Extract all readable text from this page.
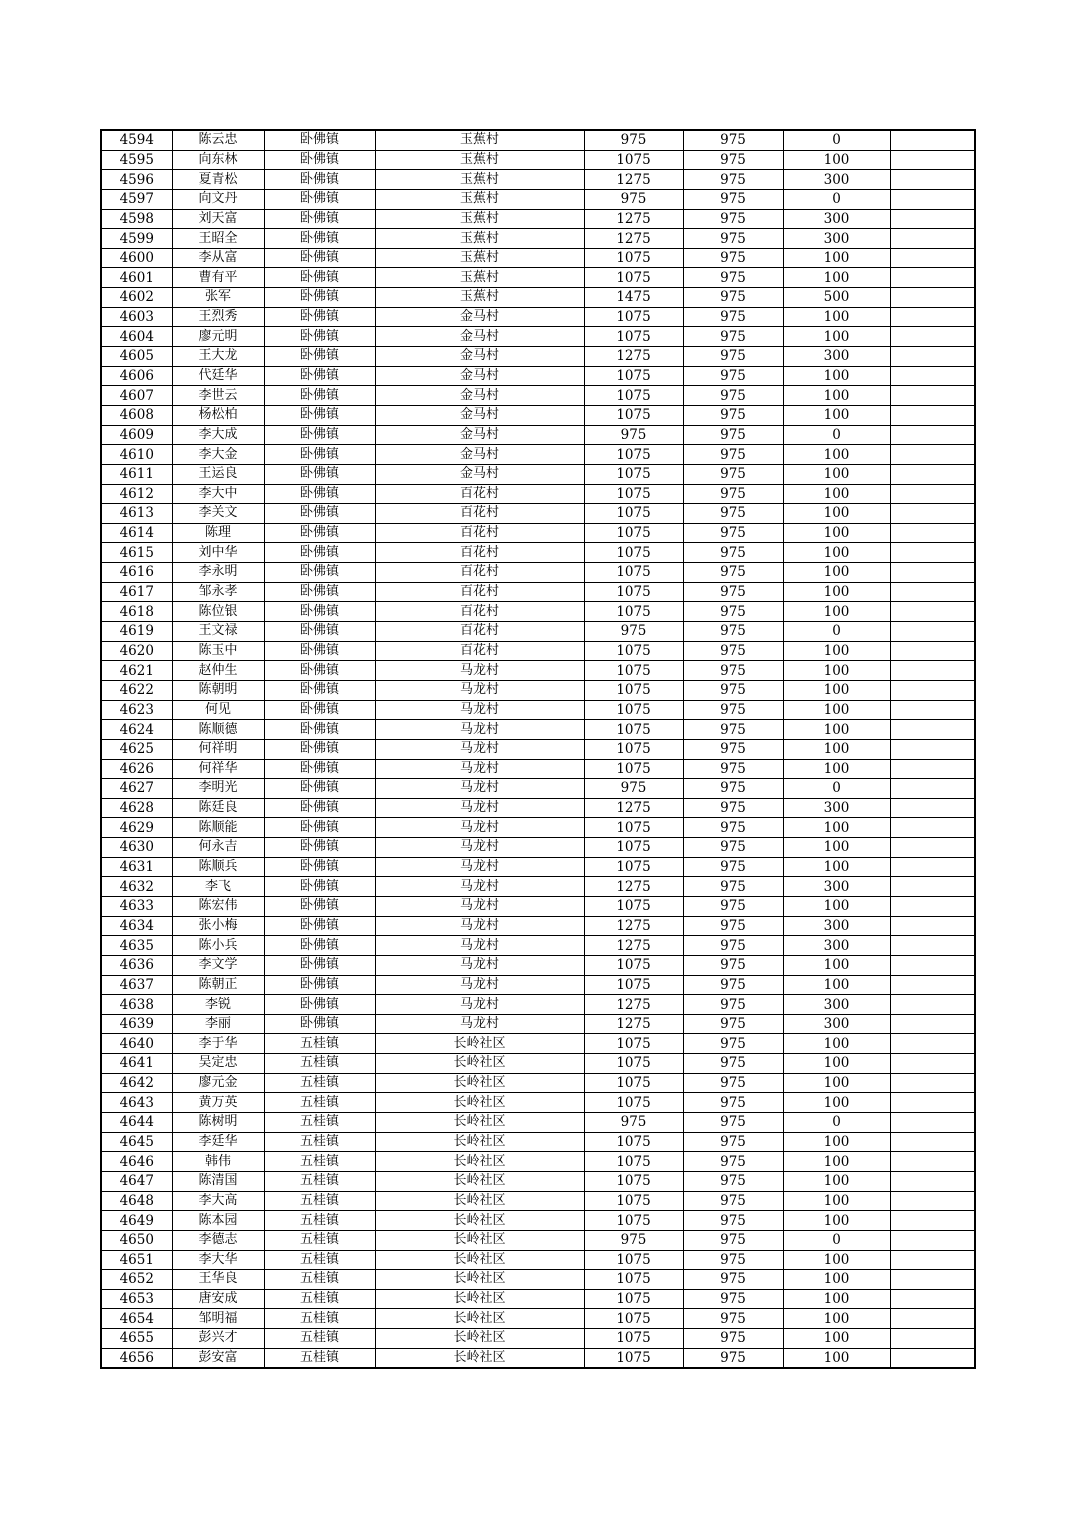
4594	陈云忠	卧佛镇	玉蕉村	975	975	0	
4595	向东林	卧佛镇	玉蕉村	1075	975	100	
4596	夏青松	卧佛镇	玉蕉村	1275	975	300	
4597	向文丹	卧佛镇	玉蕉村	975	975	0	
4598	刘天富	卧佛镇	玉蕉村	1275	975	300	
4599	王昭全	卧佛镇	玉蕉村	1275	975	300	
4600	李从富	卧佛镇	玉蕉村	1075	975	100	
4601	曹有平	卧佛镇	玉蕉村	1075	975	100	
4602	张军	卧佛镇	玉蕉村	1475	975	500	
4603	王烈秀	卧佛镇	金马村	1075	975	100	
4604	廖元明	卧佛镇	金马村	1075	975	100	
4605	王大龙	卧佛镇	金马村	1275	975	300	
4606	代廷华	卧佛镇	金马村	1075	975	100	
4607	李世云	卧佛镇	金马村	1075	975	100	
4608	杨松柏	卧佛镇	金马村	1075	975	100	
4609	李大成	卧佛镇	金马村	975	975	0	
4610	李大金	卧佛镇	金马村	1075	975	100	
4611	王运良	卧佛镇	金马村	1075	975	100	
4612	李大中	卧佛镇	百花村	1075	975	100	
4613	李关文	卧佛镇	百花村	1075	975	100	
4614	陈理	卧佛镇	百花村	1075	975	100	
4615	刘中华	卧佛镇	百花村	1075	975	100	
4616	李永明	卧佛镇	百花村	1075	975	100	
4617	邹永孝	卧佛镇	百花村	1075	975	100	
4618	陈位银	卧佛镇	百花村	1075	975	100	
4619	王文禄	卧佛镇	百花村	975	975	0	
4620	陈玉中	卧佛镇	百花村	1075	975	100	
4621	赵仲生	卧佛镇	马龙村	1075	975	100	
4622	陈朝明	卧佛镇	马龙村	1075	975	100	
4623	何见	卧佛镇	马龙村	1075	975	100	
4624	陈顺德	卧佛镇	马龙村	1075	975	100	
4625	何祥明	卧佛镇	马龙村	1075	975	100	
4626	何祥华	卧佛镇	马龙村	1075	975	100	
4627	李明光	卧佛镇	马龙村	975	975	0	
4628	陈廷良	卧佛镇	马龙村	1275	975	300	
4629	陈顺能	卧佛镇	马龙村	1075	975	100	
4630	何永吉	卧佛镇	马龙村	1075	975	100	
4631	陈顺兵	卧佛镇	马龙村	1075	975	100	
4632	李飞	卧佛镇	马龙村	1275	975	300	
4633	陈宏伟	卧佛镇	马龙村	1075	975	100	
4634	张小梅	卧佛镇	马龙村	1275	975	300	
4635	陈小兵	卧佛镇	马龙村	1275	975	300	
4636	李文学	卧佛镇	马龙村	1075	975	100	
4637	陈朝正	卧佛镇	马龙村	1075	975	100	
4638	李锐	卧佛镇	马龙村	1275	975	300	
4639	李丽	卧佛镇	马龙村	1275	975	300	
4640	李于华	五桂镇	长岭社区	1075	975	100	
4641	吴定忠	五桂镇	长岭社区	1075	975	100	
4642	廖元金	五桂镇	长岭社区	1075	975	100	
4643	黄万英	五桂镇	长岭社区	1075	975	100	
4644	陈树明	五桂镇	长岭社区	975	975	0	
4645	李廷华	五桂镇	长岭社区	1075	975	100	
4646	韩伟	五桂镇	长岭社区	1075	975	100	
4647	陈清国	五桂镇	长岭社区	1075	975	100	
4648	李大高	五桂镇	长岭社区	1075	975	100	
4649	陈本园	五桂镇	长岭社区	1075	975	100	
4650	李德志	五桂镇	长岭社区	975	975	0	
4651	李大华	五桂镇	长岭社区	1075	975	100	
4652	王华良	五桂镇	长岭社区	1075	975	100	
4653	唐安成	五桂镇	长岭社区	1075	975	100	
4654	邹明福	五桂镇	长岭社区	1075	975	100	
4655	彭兴才	五桂镇	长岭社区	1075	975	100	
4656	彭安富	五桂镇	长岭社区	1075	975	100	
